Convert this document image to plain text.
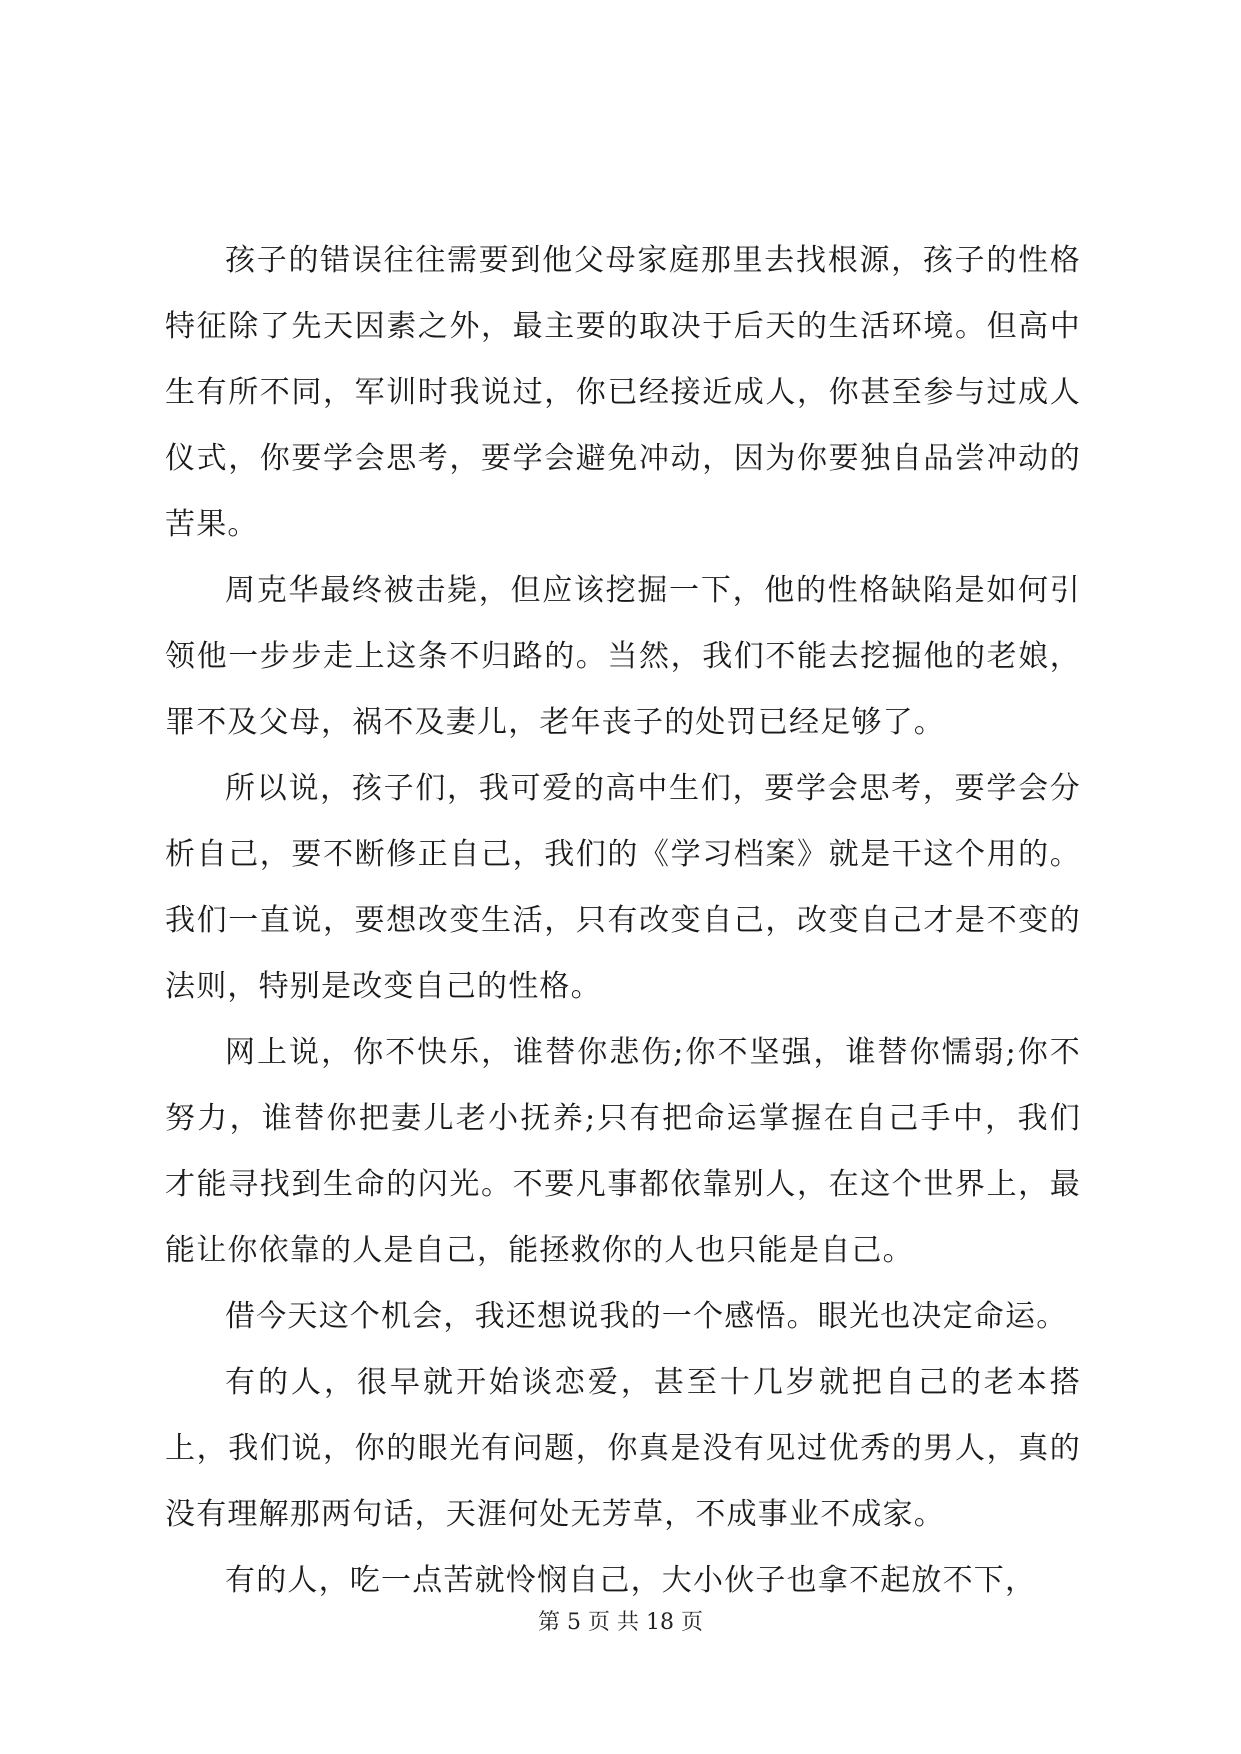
孩子的错误往往需要到他父母家庭那里去找根源，孩子的性格特征除了先天因素之外，最主要的取决于后天的生活环境。但高中生有所不同，军训时我说过，你已经接近成人，你甚至参与过成人仪式，你要学会思考，要学会避免冲动，因为你要独自品尝冲动的苦果。

周克华最终被击毙，但应该挖掘一下，他的性格缺陷是如何引领他一步步走上这条不归路的。当然，我们不能去挖掘他的老娘，罪不及父母，祸不及妻儿，老年丧子的处罚已经足够了。

所以说，孩子们，我可爱的高中生们，要学会思考，要学会分析自己，要不断修正自己，我们的《学习档案》就是干这个用的。我们一直说，要想改变生活，只有改变自己，改变自己才是不变的法则，特别是改变自己的性格。

网上说，你不快乐，谁替你悲伤;你不坚强，谁替你懦弱;你不努力，谁替你把妻儿老小抚养;只有把命运掌握在自己手中，我们才能寻找到生命的闪光。不要凡事都依靠别人，在这个世界上，最能让你依靠的人是自己，能拯救你的人也只能是自己。

借今天这个机会，我还想说我的一个感悟。眼光也决定命运。

有的人，很早就开始谈恋爱，甚至十几岁就把自己的老本搭上，我们说，你的眼光有问题，你真是没有见过优秀的男人，真的没有理解那两句话，天涯何处无芳草，不成事业不成家。

有的人，吃一点苦就怜悯自己，大小伙子也拿不起放不下，

第 5 页 共 18 页
